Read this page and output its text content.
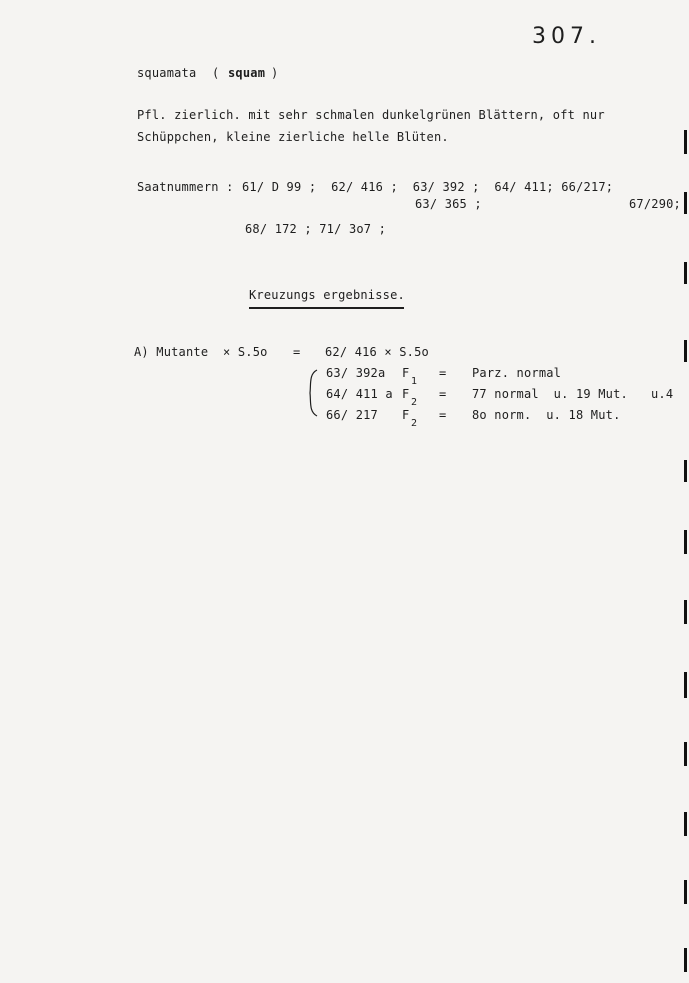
307.
squamata ( squam )
Pfl. zierlich. mit sehr schmalen dunkelgrünen Blättern, oft nur
Schüppchen, kleine zierliche helle Blüten.
Saatnummern : 61/ D 99 ;  62/ 416 ;  63/ 392 ;  64/ 411; 66/217;
63/ 365 ;	67/290;
68/ 172 ; 71/ 3o7 ;
Kreuzungs ergebnisse.
A) Mutante × S.5o = 62/ 416 × S.5o
63/ 392a F
1
= Parz. normal
64/ 411 a F
2
= 77 normal  u. 19 Mut. u.4
66/ 217 F
2
= 8o norm.  u. 18 Mut.
